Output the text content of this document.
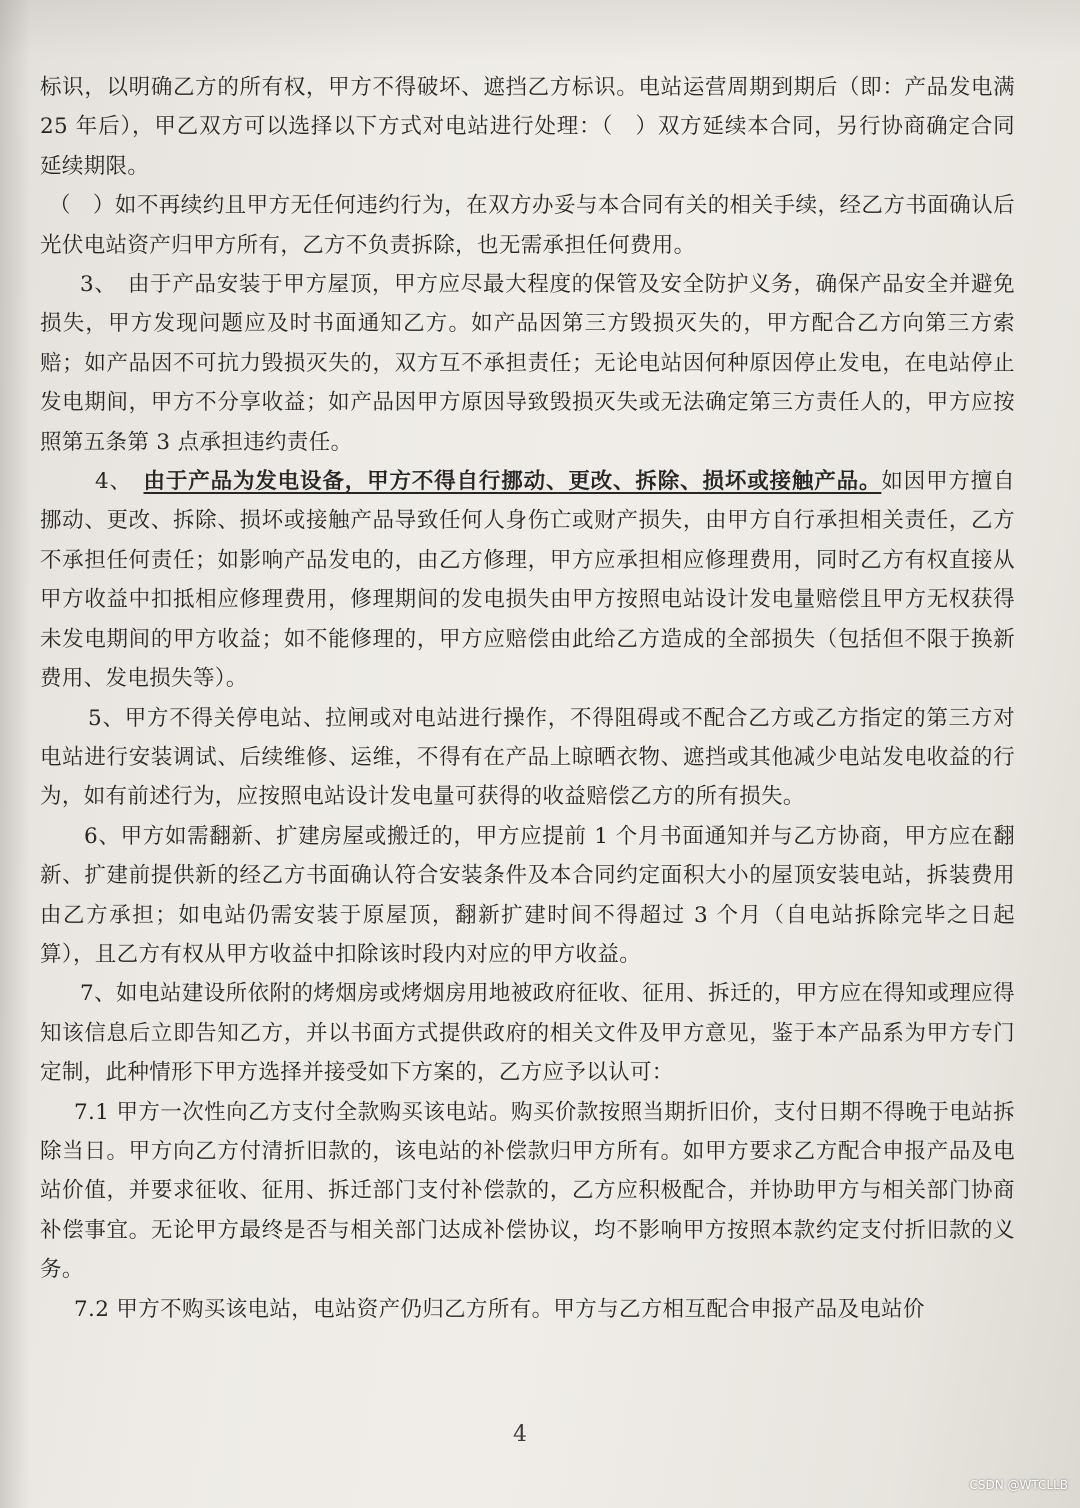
标识，以明确乙方的所有权，甲方不得破坏、遮挡乙方标识。电站运营周期到期后（即：产品发电满 25 年后），甲乙双方可以选择以下方式对电站进行处理：（　）双方延续本合同，另行协商确定合同延续期限。

（　）如不再续约且甲方无任何违约行为，在双方办妥与本合同有关的相关手续，经乙方书面确认后光伏电站资产归甲方所有，乙方不负责拆除，也无需承担任何费用。

3、　由于产品安装于甲方屋顶，甲方应尽最大程度的保管及安全防护义务，确保产品安全并避免损失，甲方发现问题应及时书面通知乙方。如产品因第三方毁损灭失的，甲方配合乙方向第三方索赔；如产品因不可抗力毁损灭失的，双方互不承担责任；无论电站因何种原因停止发电，在电站停止发电期间，甲方不分享收益；如产品因甲方原因导致毁损灭失或无法确定第三方责任人的，甲方应按照第五条第 3 点承担违约责任。

4、　由于产品为发电设备，甲方不得自行挪动、更改、拆除、损坏或接触产品。如因甲方擅自挪动、更改、拆除、损坏或接触产品导致任何人身伤亡或财产损失，由甲方自行承担相关责任，乙方不承担任何责任；如影响产品发电的，由乙方修理，甲方应承担相应修理费用，同时乙方有权直接从甲方收益中扣抵相应修理费用，修理期间的发电损失由甲方按照电站设计发电量赔偿且甲方无权获得未发电期间的甲方收益；如不能修理的，甲方应赔偿由此给乙方造成的全部损失（包括但不限于换新费用、发电损失等）。

5、甲方不得关停电站、拉闸或对电站进行操作，不得阻碍或不配合乙方或乙方指定的第三方对电站进行安装调试、后续维修、运维，不得有在产品上晾晒衣物、遮挡或其他减少电站发电收益的行为，如有前述行为，应按照电站设计发电量可获得的收益赔偿乙方的所有损失。

6、甲方如需翻新、扩建房屋或搬迁的，甲方应提前 1 个月书面通知并与乙方协商，甲方应在翻新、扩建前提供新的经乙方书面确认符合安装条件及本合同约定面积大小的屋顶安装电站，拆装费用由乙方承担；如电站仍需安装于原屋顶，翻新扩建时间不得超过 3 个月（自电站拆除完毕之日起算），且乙方有权从甲方收益中扣除该时段内对应的甲方收益。

7、如电站建设所依附的烤烟房或烤烟房用地被政府征收、征用、拆迁的，甲方应在得知或理应得知该信息后立即告知乙方，并以书面方式提供政府的相关文件及甲方意见，鉴于本产品系为甲方专门定制，此种情形下甲方选择并接受如下方案的，乙方应予以认可：

7.1 甲方一次性向乙方支付全款购买该电站。购买价款按照当期折旧价，支付日期不得晚于电站拆除当日。甲方向乙方付清折旧款的，该电站的补偿款归甲方所有。如甲方要求乙方配合申报产品及电站价值，并要求征收、征用、拆迁部门支付补偿款的，乙方应积极配合，并协助甲方与相关部门协商补偿事宜。无论甲方最终是否与相关部门达成补偿协议，均不影响甲方按照本款约定支付折旧款的义务。

7.2 甲方不购买该电站，电站资产仍归乙方所有。甲方与乙方相互配合申报产品及电站价

4
CSDN @WTCLLB
